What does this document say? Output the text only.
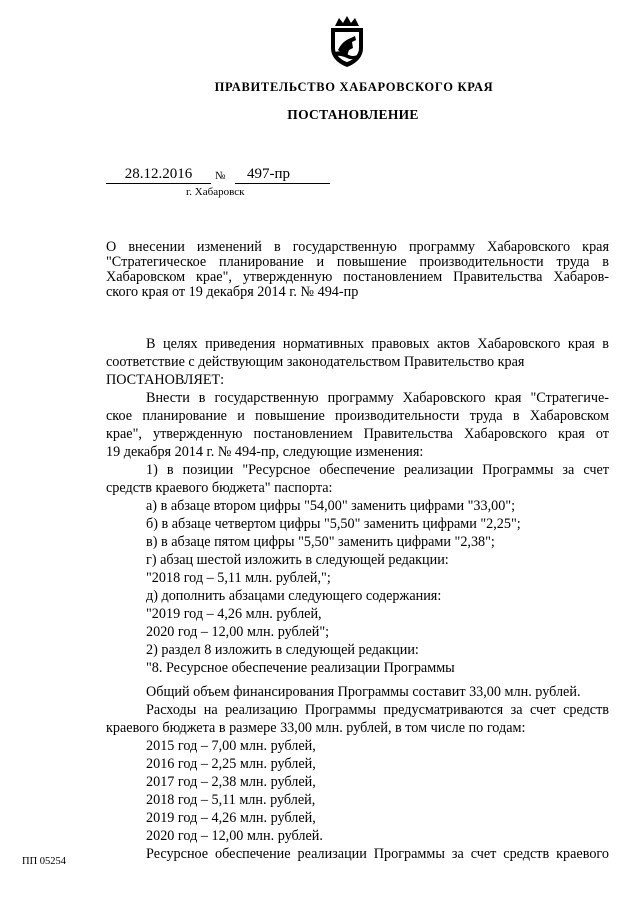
ПРАВИТЕЛЬСТВО ХАБАРОВСКОГО КРАЯ
ПОСТАНОВЛЕНИЕ
28.12.2016	№	497-пр
г. Хабаровск
О внесении изменений в государственную программу Хабаровского края
"Стратегическое планирование и повышение производительности труда в
Хабаровском крае", утвержденную постановлением Правительства Хабаров-
ского края от 19 декабря 2014 г. № 494-пр
В целях приведения нормативных правовых актов Хабаровского края в
соответствие с действующим законодательством Правительство края
ПОСТАНОВЛЯЕТ:
Внести в государственную программу Хабаровского края "Стратегиче-
ское планирование и повышение производительности труда в Хабаровском
крае", утвержденную постановлением Правительства Хабаровского края от
19 декабря 2014 г. № 494-пр, следующие изменения:
1) в позиции "Ресурсное обеспечение реализации Программы за счет
средств краевого бюджета" паспорта:
а) в абзаце втором цифры "54,00" заменить цифрами "33,00";
б) в абзаце четвертом цифры "5,50" заменить цифрами "2,25";
в) в абзаце пятом цифры "5,50" заменить цифрами "2,38";
г) абзац шестой изложить в следующей редакции:
"2018 год – 5,11 млн. рублей,";
д) дополнить абзацами следующего содержания:
"2019 год – 4,26 млн. рублей,
2020 год – 12,00 млн. рублей";
2) раздел 8 изложить в следующей редакции:
"8. Ресурсное обеспечение реализации Программы
Общий объем финансирования Программы составит 33,00 млн. рублей.
Расходы на реализацию Программы предусматриваются за счет средств
краевого бюджета в размере 33,00 млн. рублей, в том числе по годам:
2015 год – 7,00 млн. рублей,
2016 год – 2,25 млн. рублей,
2017 год – 2,38 млн. рублей,
2018 год – 5,11 млн. рублей,
2019 год – 4,26 млн. рублей,
2020 год – 12,00 млн. рублей.
Ресурсное обеспечение реализации Программы за счет средств краевого
ПП 05254
